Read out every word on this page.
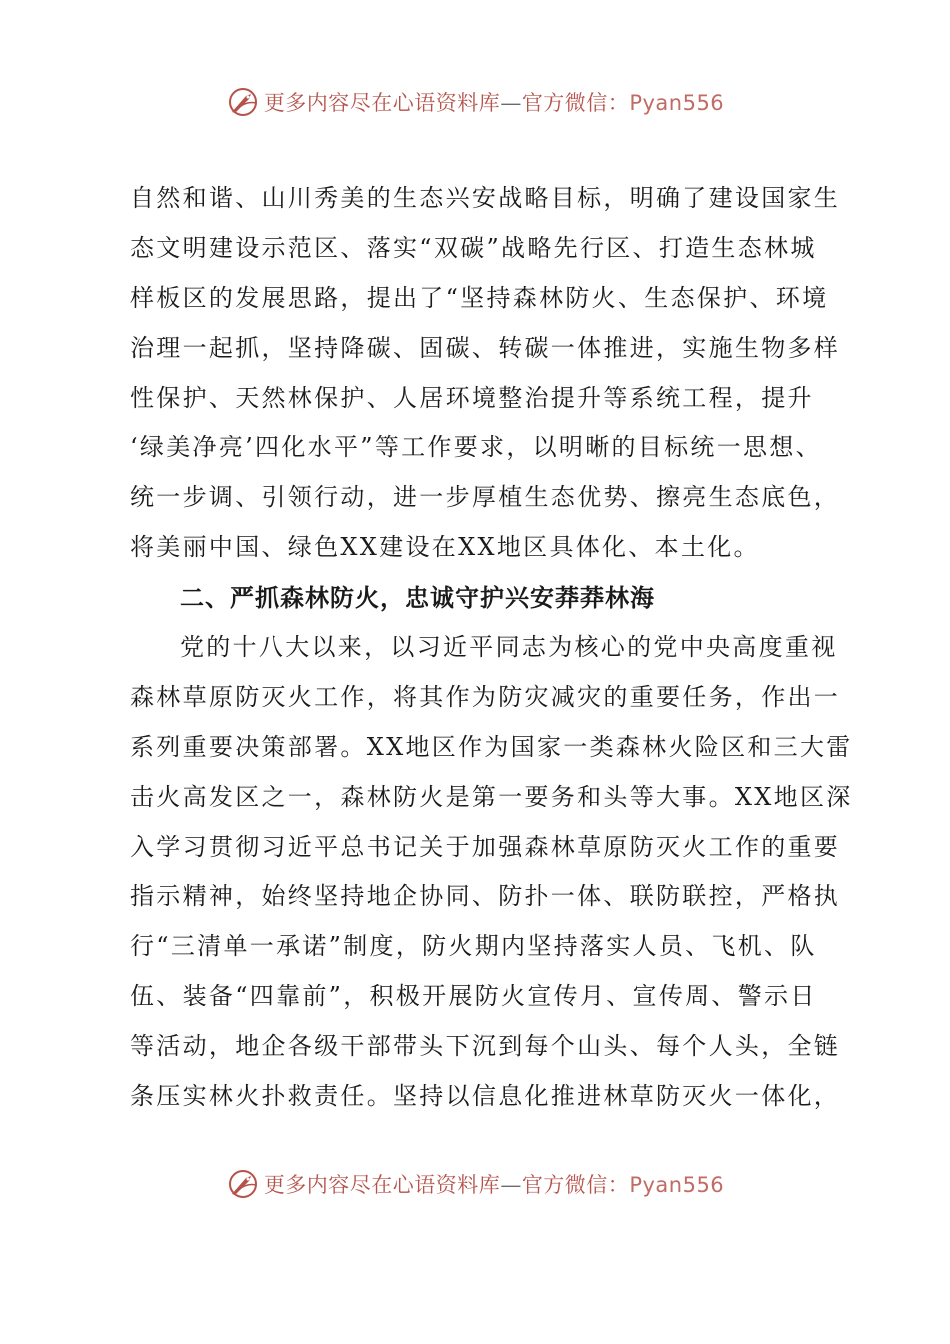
更多内容尽在心语资料库—官方微信：Pyan556
自然和谐、山川秀美的生态兴安战略目标，明确了建设国家生
态文明建设示范区、落实“双碳”战略先行区、打造生态林城
样板区的发展思路，提出了“坚持森林防火、生态保护、环境
治理一起抓，坚持降碳、固碳、转碳一体推进，实施生物多样
性保护、天然林保护、人居环境整治提升等系统工程，提升
‘绿美净亮’四化水平”等工作要求，以明晰的目标统一思想、
统一步调、引领行动，进一步厚植生态优势、擦亮生态底色，
将美丽中国、绿色XX建设在XX地区具体化、本土化。
二、严抓森林防火，忠诚守护兴安莽莽林海
党的十八大以来，以习近平同志为核心的党中央高度重视
森林草原防灭火工作，将其作为防灾减灾的重要任务，作出一
系列重要决策部署。XX地区作为国家一类森林火险区和三大雷
击火高发区之一，森林防火是第一要务和头等大事。XX地区深
入学习贯彻习近平总书记关于加强森林草原防灭火工作的重要
指示精神，始终坚持地企协同、防扑一体、联防联控，严格执
行“三清单一承诺”制度，防火期内坚持落实人员、飞机、队
伍、装备“四靠前”，积极开展防火宣传月、宣传周、警示日
等活动，地企各级干部带头下沉到每个山头、每个人头，全链
条压实林火扑救责任。坚持以信息化推进林草防灭火一体化，
更多内容尽在心语资料库—官方微信：Pyan556
